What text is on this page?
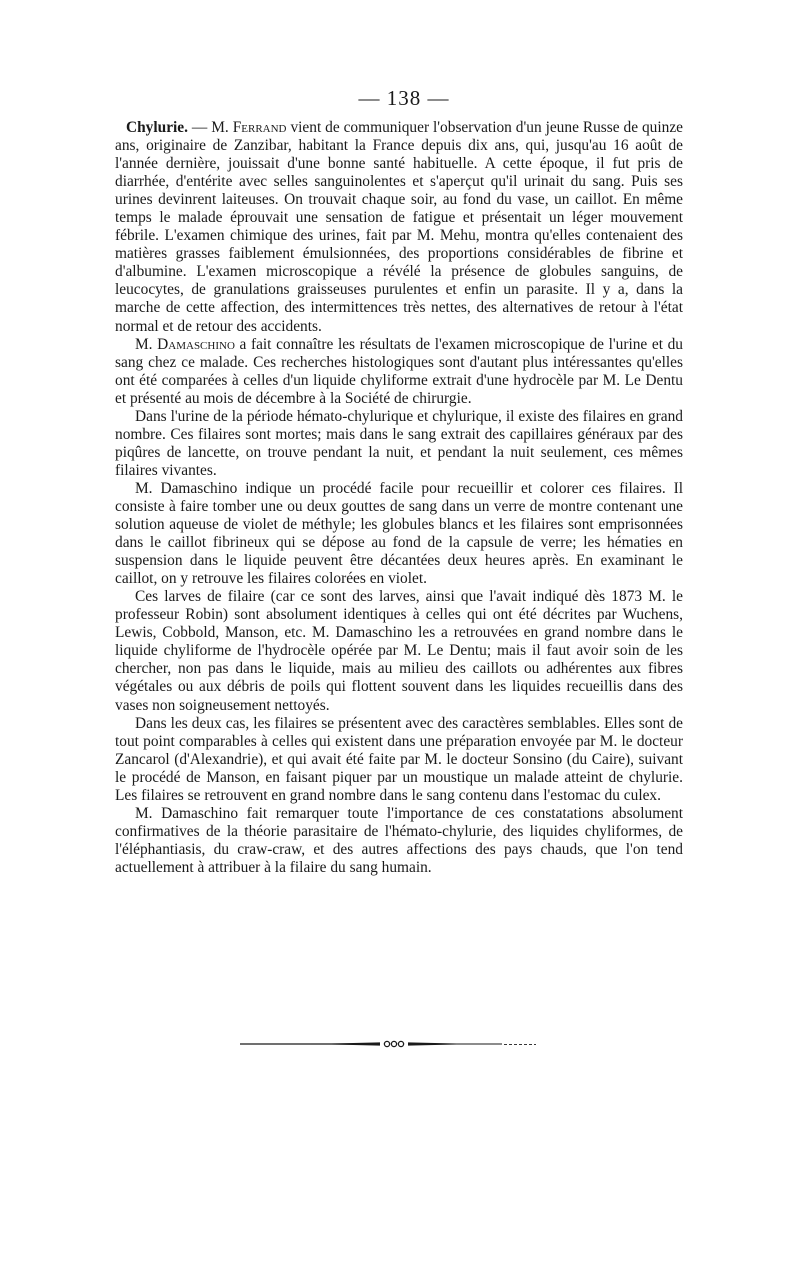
— 138 —

Chylurie. — M. Ferrand vient de communiquer l'observation d'un jeune Russe de quinze ans, originaire de Zanzibar, habitant la France depuis dix ans, qui, jusqu'au 16 août de l'année dernière, jouissait d'une bonne santé habituelle. A cette époque, il fut pris de diarrhée, d'entérite avec selles sanguinolentes et s'aperçut qu'il urinait du sang. Puis ses urines devinrent laiteuses. On trouvait chaque soir, au fond du vase, un caillot. En même temps le malade éprouvait une sensation de fatigue et présentait un léger mouvement fébrile. L'examen chimique des urines, fait par M. Mehu, montra qu'elles contenaient des matières grasses faiblement émulsionnées, des proportions considérables de fibrine et d'albumine. L'examen microscopique a révélé la présence de globules sanguins, de leucocytes, de granulations graisseuses purulentes et enfin un parasite. Il y a, dans la marche de cette affection, des intermittences très nettes, des alternatives de retour à l'état normal et de retour des accidents.

M. Damaschino a fait connaître les résultats de l'examen microscopique de l'urine et du sang chez ce malade. Ces recherches histologiques sont d'autant plus intéressantes qu'elles ont été comparées à celles d'un liquide chyliforme extrait d'une hydrocèle par M. Le Dentu et présenté au mois de décembre à la Société de chirurgie.

Dans l'urine de la période hémato-chylurique et chylurique, il existe des filaires en grand nombre. Ces filaires sont mortes; mais dans le sang extrait des capillaires généraux par des piqûres de lancette, on trouve pendant la nuit, et pendant la nuit seulement, ces mêmes filaires vivantes.

M. Damaschino indique un procédé facile pour recueillir et colorer ces filaires. Il consiste à faire tomber une ou deux gouttes de sang dans un verre de montre contenant une solution aqueuse de violet de méthyle; les globules blancs et les filaires sont emprisonnées dans le caillot fibrineux qui se dépose au fond de la capsule de verre; les hématies en suspension dans le liquide peuvent être décantées deux heures après. En examinant le caillot, on y retrouve les filaires colorées en violet.

Ces larves de filaire (car ce sont des larves, ainsi que l'avait indiqué dès 1873 M. le professeur Robin) sont absolument identiques à celles qui ont été décrites par Wuchens, Lewis, Cobbold, Manson, etc. M. Damaschino les a retrouvées en grand nombre dans le liquide chyliforme de l'hydrocèle opérée par M. Le Dentu; mais il faut avoir soin de les chercher, non pas dans le liquide, mais au milieu des caillots ou adhérentes aux fibres végétales ou aux débris de poils qui flottent souvent dans les liquides recueillis dans des vases non soigneusement nettoyés.

Dans les deux cas, les filaires se présentent avec des caractères semblables. Elles sont de tout point comparables à celles qui existent dans une préparation envoyée par M. le docteur Zancarol (d'Alexandrie), et qui avait été faite par M. le docteur Sonsino (du Caire), suivant le procédé de Manson, en faisant piquer par un moustique un malade atteint de chylurie. Les filaires se retrouvent en grand nombre dans le sang contenu dans l'estomac du culex.

M. Damaschino fait remarquer toute l'importance de ces constatations absolument confirmatives de la théorie parasitaire de l'hémato-chylurie, des liquides chyliformes, de l'éléphantiasis, du craw-craw, et des autres affections des pays chauds, que l'on tend actuellement à attribuer à la filaire du sang humain.
